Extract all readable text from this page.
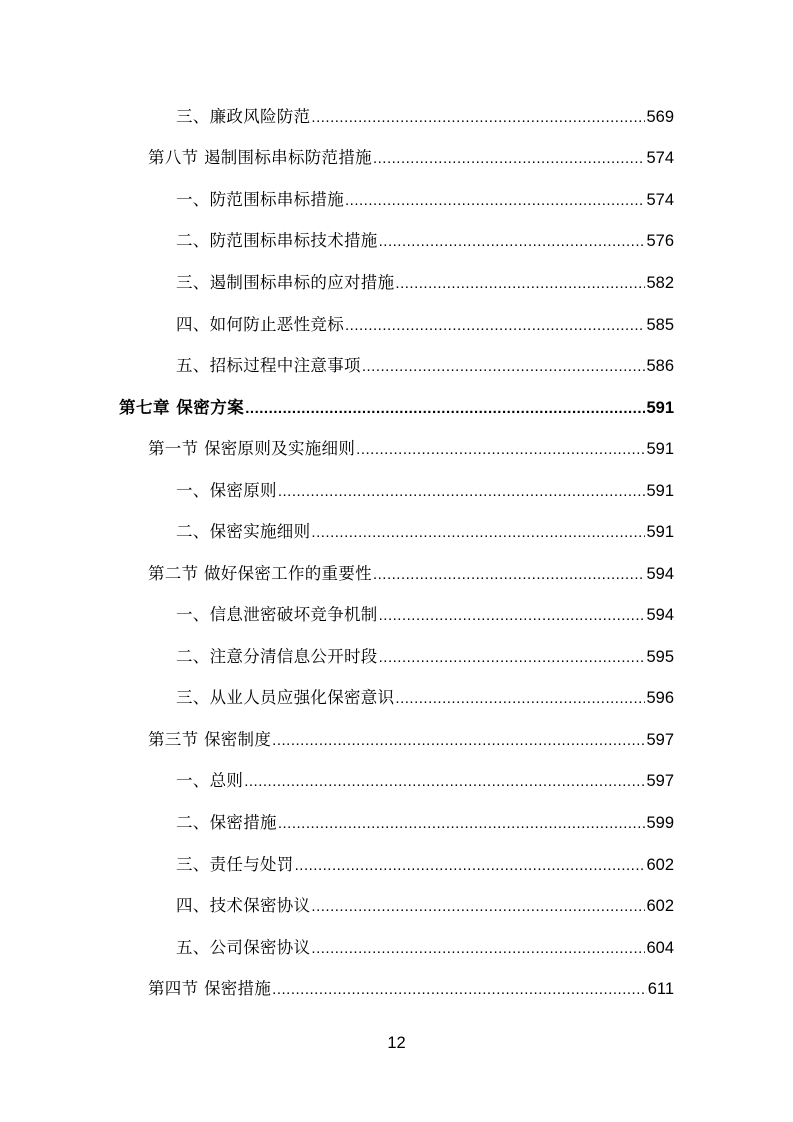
三、廉政风险防范 .....	569
第八节 遏制围标串标防范措施 .....	574
一、防范围标串标措施 .....	574
二、防范围标串标技术措施 .....	576
三、遏制围标串标的应对措施 .....	582
四、如何防止恶性竞标 .....	585
五、招标过程中注意事项 .....	586
第七章 保密方案 .....	591
第一节 保密原则及实施细则 .....	591
一、保密原则 .....	591
二、保密实施细则 .....	591
第二节 做好保密工作的重要性 .....	594
一、信息泄密破坏竞争机制 .....	594
二、注意分清信息公开时段 .....	595
三、从业人员应强化保密意识 .....	596
第三节 保密制度 .....	597
一、总则 .....	597
二、保密措施 .....	599
三、责任与处罚 .....	602
四、技术保密协议 .....	602
五、公司保密协议 .....	604
第四节 保密措施 .....	611
12
